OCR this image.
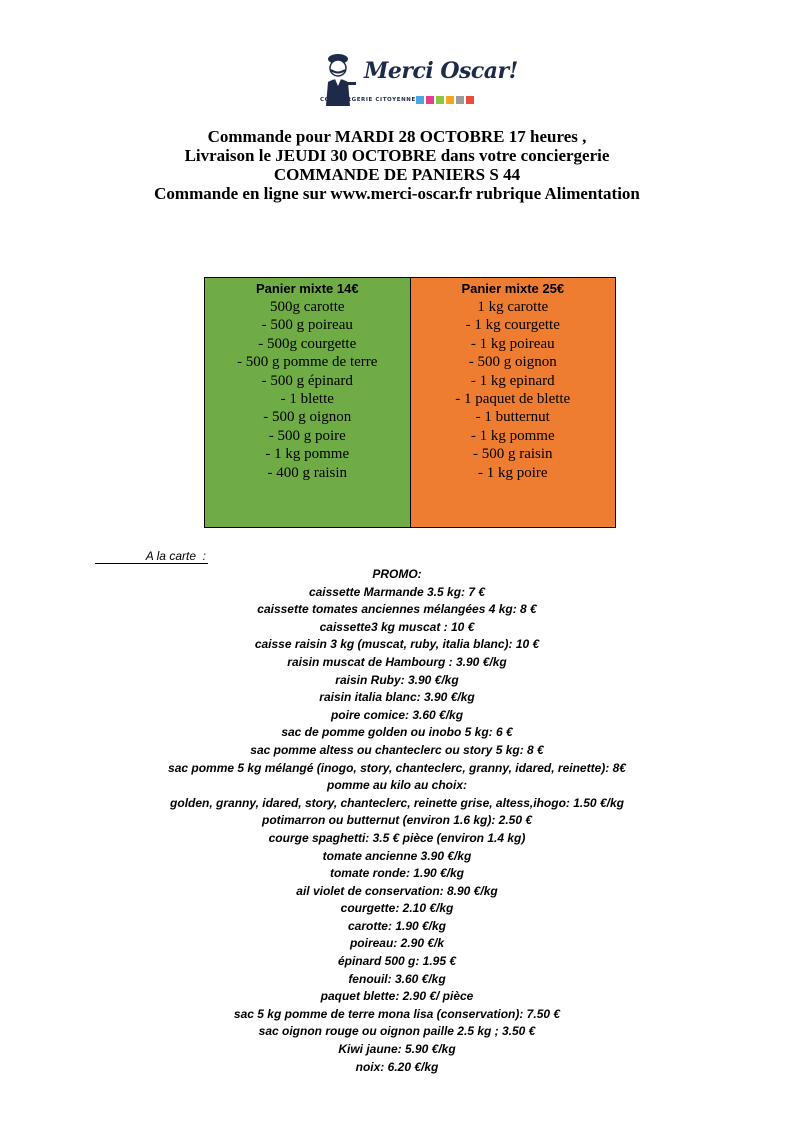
Merci Oscar!
CONCIERGERIE CITOYENNE
Commande pour MARDI 28 OCTOBRE 17 heures ,
Livraison le JEUDI 30 OCTOBRE dans votre conciergerie
COMMANDE DE PANIERS S 44
Commande en ligne sur www.merci-oscar.fr rubrique Alimentation
Panier mixte 14€
500g carotte
- 500 g poireau
- 500g courgette
- 500 g pomme de terre
- 500 g épinard
- 1 blette
- 500 g oignon
- 500 g poire
- 1 kg pomme
- 400 g raisin
Panier mixte 25€
1 kg carotte
- 1 kg courgette
- 1 kg poireau
- 500 g oignon
- 1 kg epinard
- 1 paquet de blette
- 1 butternut
- 1 kg pomme
- 500 g raisin
- 1 kg poire
A la carte  :
PROMO:
caissette Marmande 3.5 kg: 7 €
caissette tomates anciennes mélangées 4 kg: 8 €
caissette3 kg muscat : 10 €
caisse raisin 3 kg (muscat, ruby, italia blanc): 10 €
raisin muscat de Hambourg : 3.90 €/kg
raisin Ruby: 3.90 €/kg
raisin italia blanc: 3.90 €/kg
poire comice: 3.60 €/kg
sac de pomme golden ou inobo 5 kg: 6 €
sac pomme altess ou chanteclerc ou story 5 kg: 8 €
sac pomme 5 kg mélangé (inogo, story, chanteclerc, granny, idared, reinette): 8€
pomme au kilo au choix:
golden, granny, idared, story, chanteclerc, reinette grise, altess,ihogo: 1.50 €/kg
potimarron ou butternut (environ 1.6 kg): 2.50 €
courge spaghetti: 3.5 € pièce (environ 1.4 kg)
tomate ancienne 3.90 €/kg
tomate ronde: 1.90 €/kg
ail violet de conservation: 8.90 €/kg
courgette: 2.10 €/kg
carotte: 1.90 €/kg
poireau: 2.90 €/k
épinard 500 g: 1.95 €
fenouil: 3.60 €/kg
paquet blette: 2.90 €/ pièce
sac 5 kg pomme de terre mona lisa (conservation): 7.50 €
sac oignon rouge ou oignon paille 2.5 kg ; 3.50 €
Kiwi jaune: 5.90 €/kg
noix: 6.20 €/kg
